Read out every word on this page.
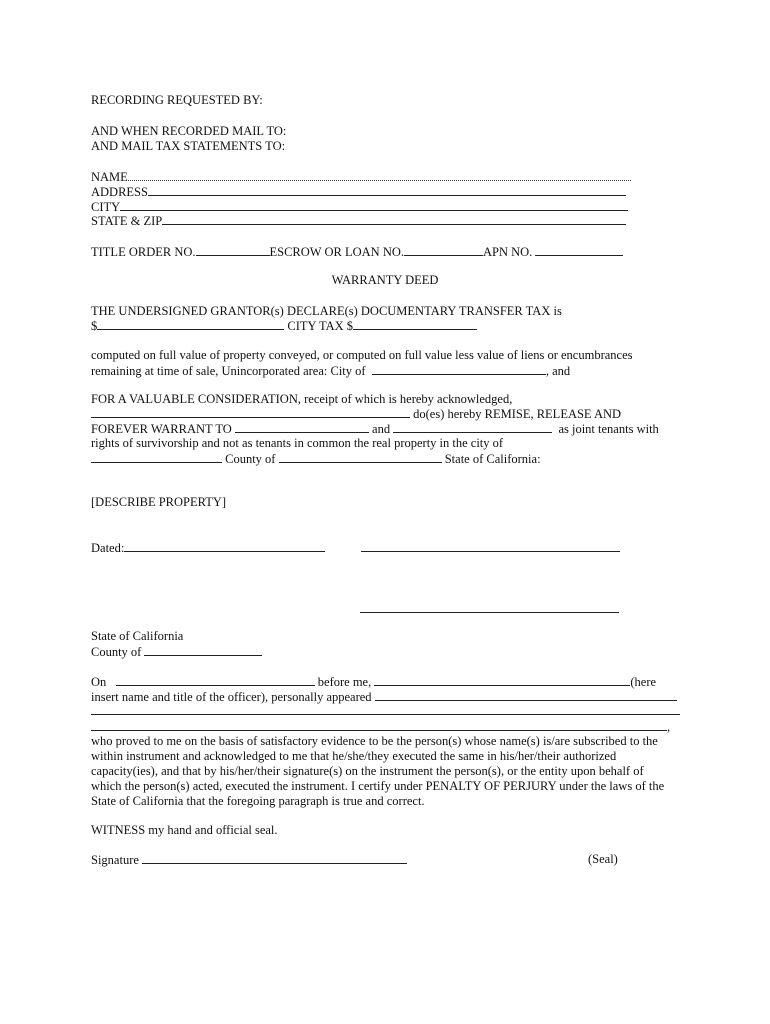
RECORDING REQUESTED BY:
AND WHEN RECORDED MAIL TO:
AND MAIL TAX STATEMENTS TO:
NAME
ADDRESS
CITY
STATE & ZIP
TITLE ORDER NO.	ESCROW OR LOAN NO.	APN NO.
WARRANTY DEED
THE UNDERSIGNED GRANTOR(s) DECLARE(s) DOCUMENTARY TRANSFER TAX is
$	CITY TAX $
computed on full value of property conveyed, or computed on full value less value of liens or encumbrances
remaining at time of sale, Unincorporated area: City of	, and
FOR A VALUABLE CONSIDERATION, receipt of which is hereby acknowledged,
do(es) hereby REMISE, RELEASE AND
FOREVER WARRANT TO	and	as joint tenants with
rights of survivorship and not as tenants in common the real property in the city of
County of	State of California:
[DESCRIBE PROPERTY]
Dated:
State of California
County of
On	before me,	(here
insert name and title of the officer), personally appeared
,
who proved to me on the basis of satisfactory evidence to be the person(s) whose name(s) is/are subscribed to the
within instrument and acknowledged to me that he/she/they executed the same in his/her/their authorized
capacity(ies), and that by his/her/their signature(s) on the instrument the person(s), or the entity upon behalf of
which the person(s) acted, executed the instrument. I certify under PENALTY OF PERJURY under the laws of the
State of California that the foregoing paragraph is true and correct.
WITNESS my hand and official seal.
Signature	(Seal)
